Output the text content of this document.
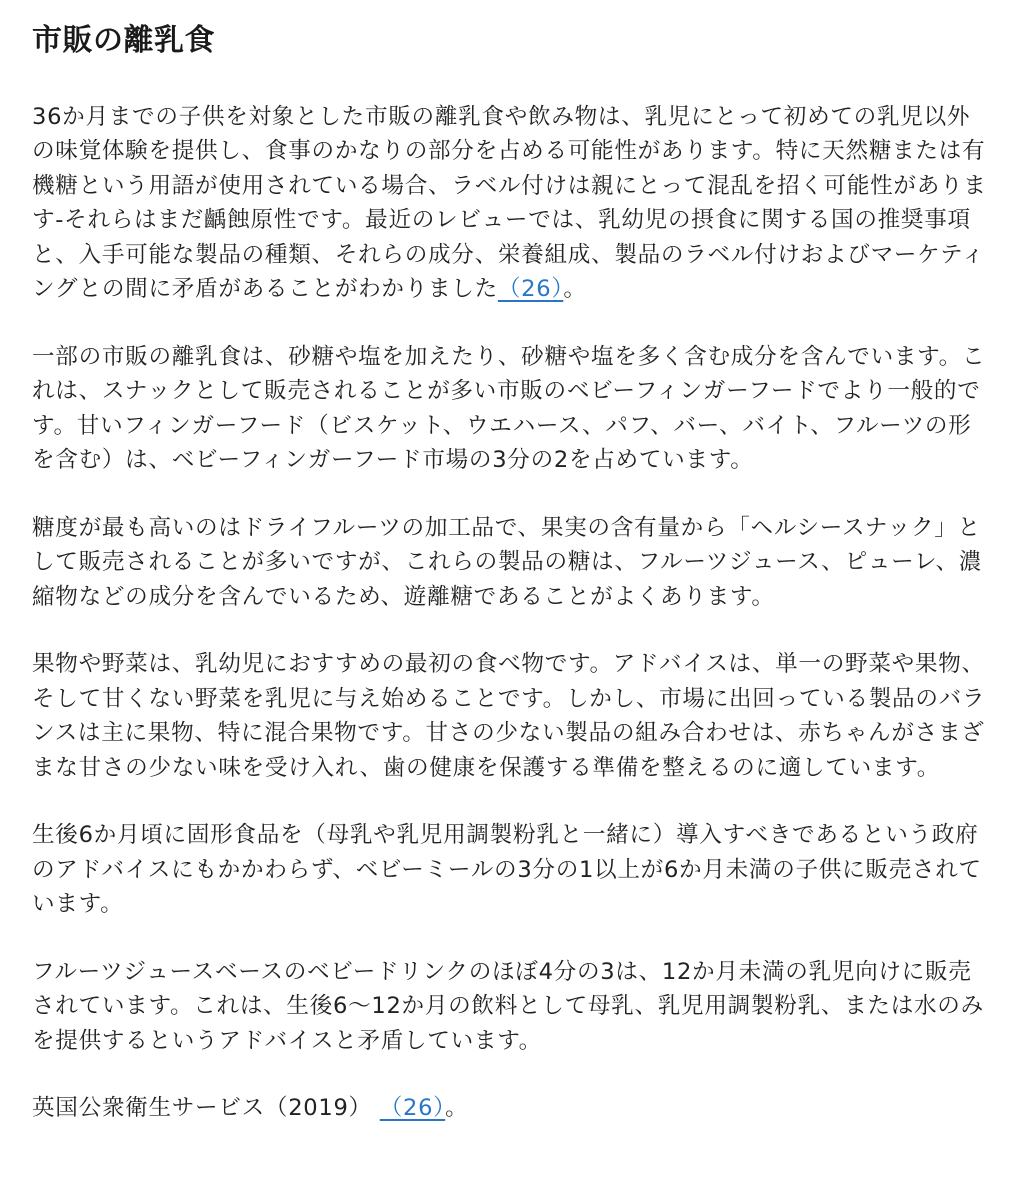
市販の離乳食

36か月までの子供を対象とした市販の離乳食や飲み物は、乳児にとって初めての乳児以外の味覚体験を提供し、食事のかなりの部分を占める可能性があります。特に天然糖または有機糖という用語が使用されている場合、ラベル付けは親にとって混乱を招く可能性があります-それらはまだ齲蝕原性です。最近のレビューでは、乳幼児の摂食に関する国の推奨事項と、入手可能な製品の種類、それらの成分、栄養組成、製品のラベル付けおよびマーケティングとの間に矛盾があることがわかりました（26）。

一部の市販の離乳食は、砂糖や塩を加えたり、砂糖や塩を多く含む成分を含んでいます。これは、スナックとして販売されることが多い市販のベビーフィンガーフードでより一般的です。甘いフィンガーフード（ビスケット、ウエハース、パフ、バー、バイト、フルーツの形を含む）は、ベビーフィンガーフード市場の3分の2を占めています。

糖度が最も高いのはドライフルーツの加工品で、果実の含有量から「ヘルシースナック」として販売されることが多いですが、これらの製品の糖は、フルーツジュース、ピューレ、濃縮物などの成分を含んでいるため、遊離糖であることがよくあります。

果物や野菜は、乳幼児におすすめの最初の食べ物です。アドバイスは、単一の野菜や果物、そして甘くない野菜を乳児に与え始めることです。しかし、市場に出回っている製品のバランスは主に果物、特に混合果物です。甘さの少ない製品の組み合わせは、赤ちゃんがさまざまな甘さの少ない味を受け入れ、歯の健康を保護する準備を整えるのに適しています。

生後6か月頃に固形食品を（母乳や乳児用調製粉乳と一緒に）導入すべきであるという政府のアドバイスにもかかわらず、ベビーミールの3分の1以上が6か月未満の子供に販売されています。

フルーツジュースベースのベビードリンクのほぼ4分の3は、12か月未満の乳児向けに販売されています。これは、生後6～12か月の飲料として母乳、乳児用調製粉乳、または水のみを提供するというアドバイスと矛盾しています。

英国公衆衛生サービス（2019） （26）。
